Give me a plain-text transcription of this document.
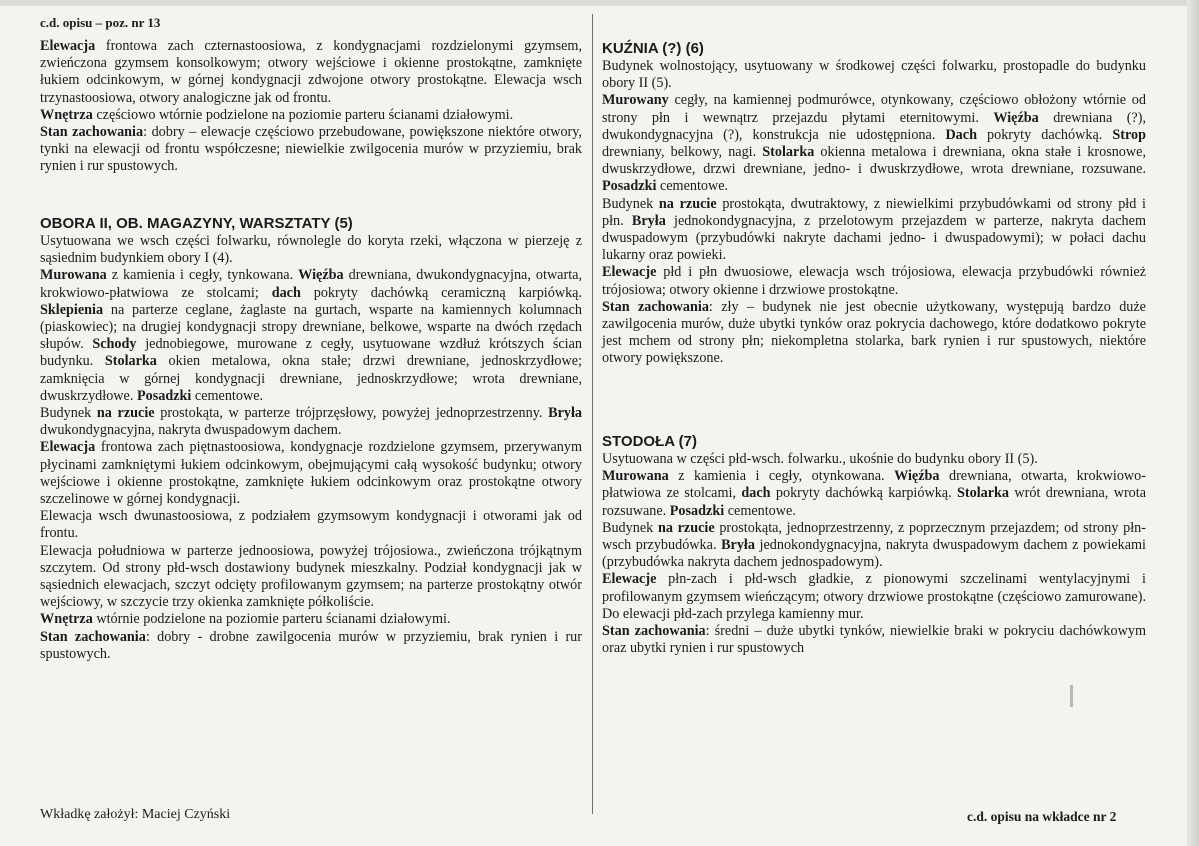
c.d. opisu – poz. nr 13

Elewacja frontowa zach czternastoosiowa, z kondygnacjami rozdzielonymi gzymsem, zwieńczona gzymsem konsolkowym; otwory wejściowe i okienne prostokątne, zamknięte łukiem odcinkowym, w górnej kondygnacji zdwojone otwory prostokątne. Elewacja wsch trzynastoosiowa, otwory analogiczne jak od frontu.

Wnętrza częściowo wtórnie podzielone na poziomie parteru ścianami działowymi.

Stan zachowania: dobry – elewacje częściowo przebudowane, powiększone niektóre otwory, tynki na elewacji od frontu współczesne; niewielkie zwilgocenia murów w przyziemiu, brak rynien i rur spustowych.

OBORA II, OB. MAGAZYNY, WARSZTATY (5)

Usytuowana we wsch części folwarku, równolegle do koryta rzeki, włączona w pierzeję z sąsiednim budynkiem obory I (4).

Murowana z kamienia i cegły, tynkowana. Więźba drewniana, dwukondygnacyjna, otwarta, krokwiowo-płatwiowa ze stolcami; dach pokryty dachówką ceramiczną karpiówką. Sklepienia na parterze ceglane, żaglaste na gurtach, wsparte na kamiennych kolumnach (piaskowiec); na drugiej kondygnacji stropy drewniane, belkowe, wsparte na dwóch rzędach słupów. Schody jednobiegowe, murowane z cegły, usytuowane wzdłuż krótszych ścian budynku. Stolarka okien metalowa, okna stałe; drzwi drewniane, jednoskrzydłowe; zamknięcia w górnej kondygnacji drewniane, jednoskrzydłowe; wrota drewniane, dwuskrzydłowe. Posadzki cementowe.

Budynek na rzucie prostokąta, w parterze trójprzęsłowy, powyżej jednoprzestrzenny. Bryła dwukondygnacyjna, nakryta dwuspadowym dachem.

Elewacja frontowa zach piętnastoosiowa, kondygnacje rozdzielone gzymsem, przerywanym płycinami zamkniętymi łukiem odcinkowym, obejmującymi całą wysokość budynku; otwory wejściowe i okienne prostokątne, zamknięte łukiem odcinkowym oraz prostokątne otwory szczelinowe w górnej kondygnacji.

Elewacja wsch dwunastoosiowa, z podziałem gzymsowym kondygnacji i otworami jak od frontu.

Elewacja południowa w parterze jednoosiowa, powyżej trójosiowa., zwieńczona trójkątnym szczytem. Od strony płd-wsch dostawiony budynek mieszkalny. Podział kondygnacji jak w sąsiednich elewacjach, szczyt odcięty profilowanym gzymsem; na parterze prostokątny otwór wejściowy, w szczycie trzy okienka zamknięte półkoliście.

Wnętrza wtórnie podzielone na poziomie parteru ścianami działowymi.

Stan zachowania: dobry - drobne zawilgocenia murów w przyziemiu, brak rynien i rur spustowych.

KUŹNIA (?) (6)

Budynek wolnostojący, usytuowany w środkowej części folwarku, prostopadle do budynku obory II (5).

Murowany cegły, na kamiennej podmurówce, otynkowany, częściowo obłożony wtórnie od strony płn i wewnątrz przejazdu płytami eternitowymi. Więźba drewniana (?), dwukondygnacyjna (?), konstrukcja nie udostępniona. Dach pokryty dachówką. Strop drewniany, belkowy, nagi. Stolarka okienna metalowa i drewniana, okna stałe i krosnowe, dwuskrzydłowe, drzwi drewniane, jedno- i dwuskrzydłowe, wrota drewniane, rozsuwane. Posadzki cementowe.

Budynek na rzucie prostokąta, dwutraktowy, z niewielkimi przybudówkami od strony płd i płn. Bryła jednokondygnacyjna, z przelotowym przejazdem w parterze, nakryta dachem dwuspadowym (przybudówki nakryte dachami jedno- i dwuspadowymi); w połaci dachu lukarny oraz powieki.

Elewacje płd i płn dwuosiowe, elewacja wsch trójosiowa, elewacja przybudówki również trójosiowa; otwory okienne i drzwiowe prostokątne.

Stan zachowania: zły – budynek nie jest obecnie użytkowany, występują bardzo duże zawilgocenia murów, duże ubytki tynków oraz pokrycia dachowego, które dodatkowo pokryte jest mchem od strony płn; niekompletna stolarka, bark rynien i rur spustowych, niektóre otwory powiększone.

STODOŁA (7)

Usytuowana w części płd-wsch. folwarku., ukośnie do budynku obory II (5).

Murowana z kamienia i cegły, otynkowana. Więźba drewniana, otwarta, krokwiowo-płatwiowa ze stolcami, dach pokryty dachówką karpiówką. Stolarka wrót drewniana, wrota rozsuwane. Posadzki cementowe.

Budynek na rzucie prostokąta, jednoprzestrzenny, z poprzecznym przejazdem; od strony płn-wsch przybudówka. Bryła jednokondygnacyjna, nakryta dwuspadowym dachem z powiekami (przybudówka nakryta dachem jednospadowym).

Elewacje płn-zach i płd-wsch gładkie, z pionowymi szczelinami wentylacyjnymi i profilowanym gzymsem wieńczącym; otwory drzwiowe prostokątne (częściowo zamurowane). Do elewacji płd-zach przylega kamienny mur.

Stan zachowania: średni – duże ubytki tynków, niewielkie braki w pokryciu dachówkowym oraz ubytki rynien i rur spustowych

Wkładkę założył: Maciej Czyński	c.d. opisu na wkładce nr 2
